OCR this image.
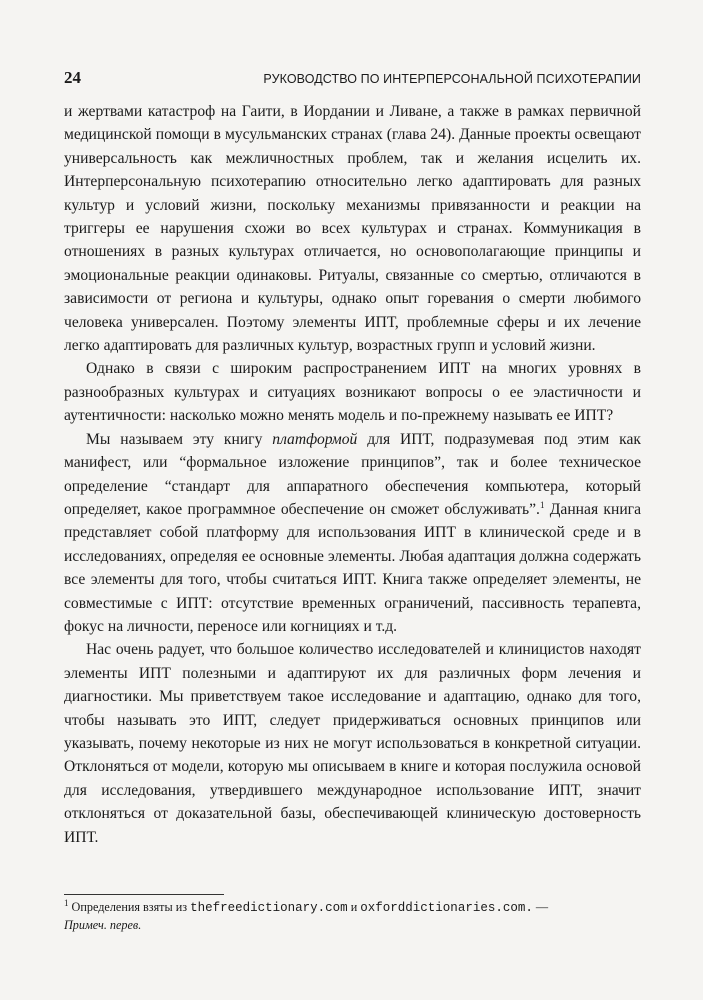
24	РУКОВОДСТВО ПО ИНТЕРПЕРСОНАЛЬНОЙ ПСИХОТЕРАПИИ

и жертвами катастроф на Гаити, в Иордании и Ливане, а также в рамках первичной медицинской помощи в мусульманских странах (глава 24). Данные проекты освещают универсальность как межличностных проблем, так и желания исцелить их. Интерперсональную психотерапию относительно легко адаптировать для разных культур и условий жизни, поскольку механизмы привязанности и реакции на триггеры ее нарушения схожи во всех культурах и странах. Коммуникация в отношениях в разных культурах отличается, но основополагающие принципы и эмоциональные реакции одинаковы. Ритуалы, связанные со смертью, отличаются в зависимости от региона и культуры, однако опыт горевания о смерти любимого человека универсален. Поэтому элементы ИПТ, проблемные сферы и их лечение легко адаптировать для различных культур, возрастных групп и условий жизни.

Однако в связи с широким распространением ИПТ на многих уровнях в разнообразных культурах и ситуациях возникают вопросы о ее эластичности и аутентичности: насколько можно менять модель и по-прежнему называть ее ИПТ?

Мы называем эту книгу платформой для ИПТ, подразумевая под этим как манифест, или “формальное изложение принципов”, так и более техническое определение “стандарт для аппаратного обеспечения компьютера, который определяет, какое программное обеспечение он сможет обслуживать”.$^1$ Данная книга представляет собой платформу для использования ИПТ в клинической среде и в исследованиях, определяя ее основные элементы. Любая адаптация должна содержать все элементы для того, чтобы считаться ИПТ. Книга также определяет элементы, не совместимые с ИПТ: отсутствие временных ограничений, пассивность терапевта, фокус на личности, переносе или когнициях и т.д.

Нас очень радует, что большое количество исследователей и клиницистов находят элементы ИПТ полезными и адаптируют их для различных форм лечения и диагностики. Мы приветствуем такое исследование и адаптацию, однако для того, чтобы называть это ИПТ, следует придерживаться основных принципов или указывать, почему некоторые из них не могут использоваться в конкретной ситуации. Отклоняться от модели, которую мы описываем в книге и которая послужила основой для исследования, утвердившего международное использование ИПТ, значит отклоняться от доказательной базы, обеспечивающей клиническую достоверность ИПТ.

$^1$ Определения взяты из thefreedictionary.com и oxforddictionaries.com. —
Примеч. перев.
